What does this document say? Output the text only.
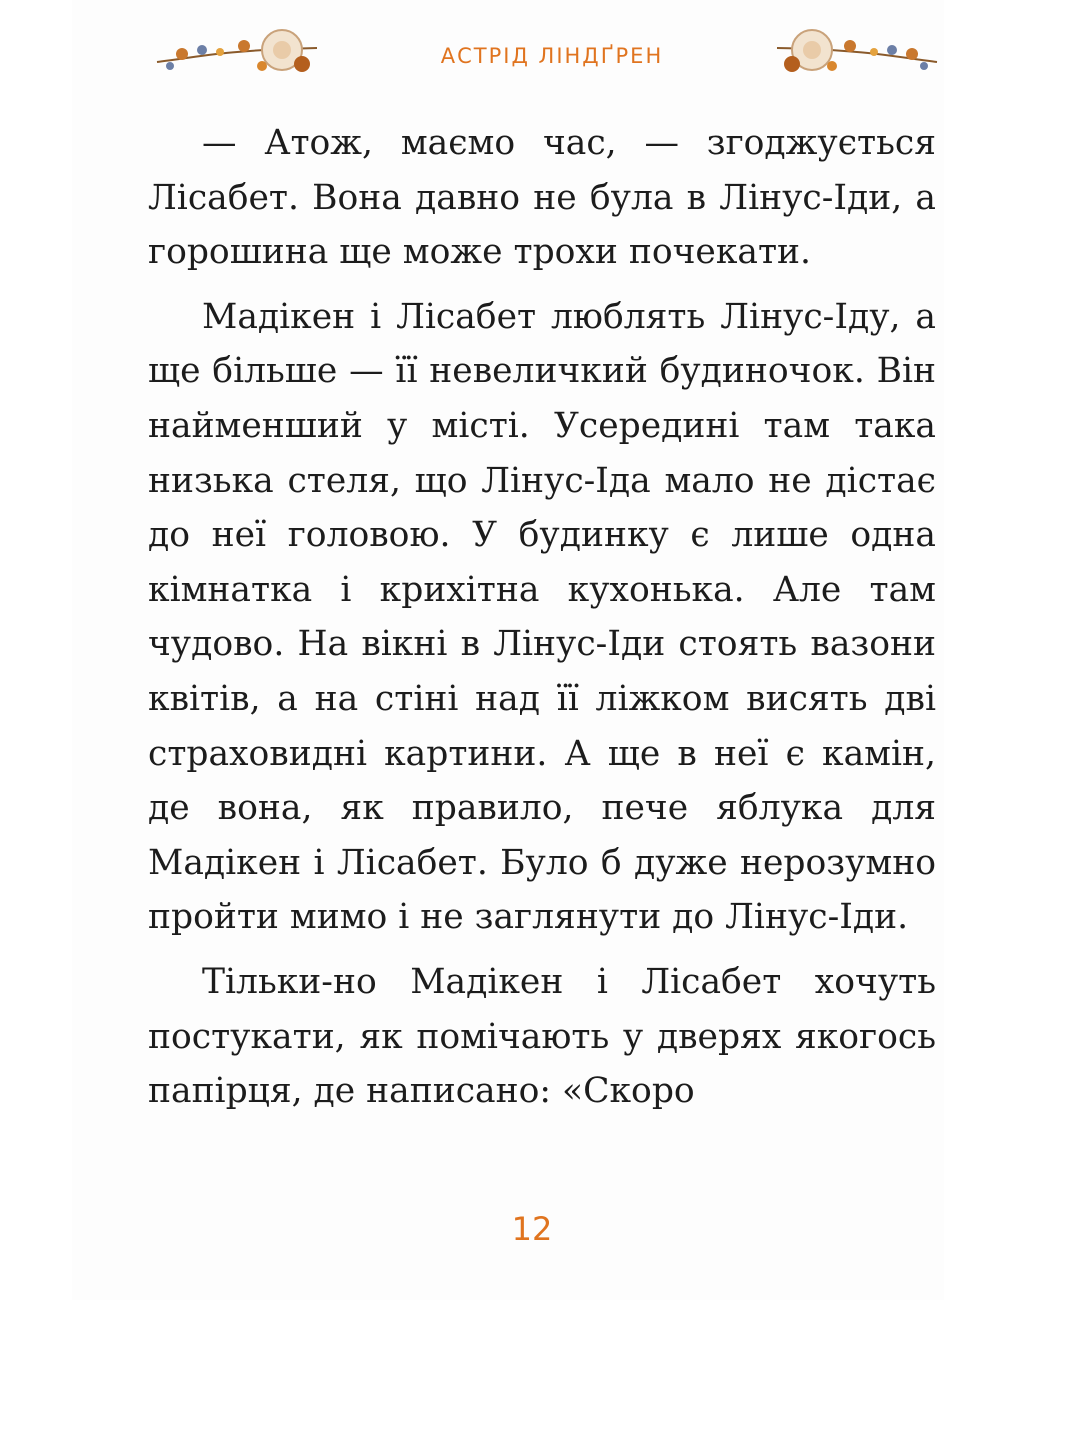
АСТРІД ЛІНДҐРЕН

— Атож, маємо час, — згоджується Лісабет. Вона давно не була в Лінус-Іди, а горошина ще може трохи почекати.

Мадікен і Лісабет люблять Лінус-Іду, а ще більше — її невеличкий будиночок. Він найменший у місті. Усередині там така низька стеля, що Лінус-Іда мало не дістає до неї головою. У будинку є лише одна кімнатка і крихітна кухонька. Але там чудово. На вікні в Лінус-Іди стоять вазони квітів, а на стіні над її ліжком висять дві страховидні картини. А ще в неї є камін, де вона, як правило, пече яблука для Мадікен і Лісабет. Було б дуже нерозумно пройти мимо і не заглянути до Лінус-Іди.

Тільки-но Мадікен і Лісабет хочуть постукати, як помічають у дверях якогось папірця, де написано: «Скоро

12
